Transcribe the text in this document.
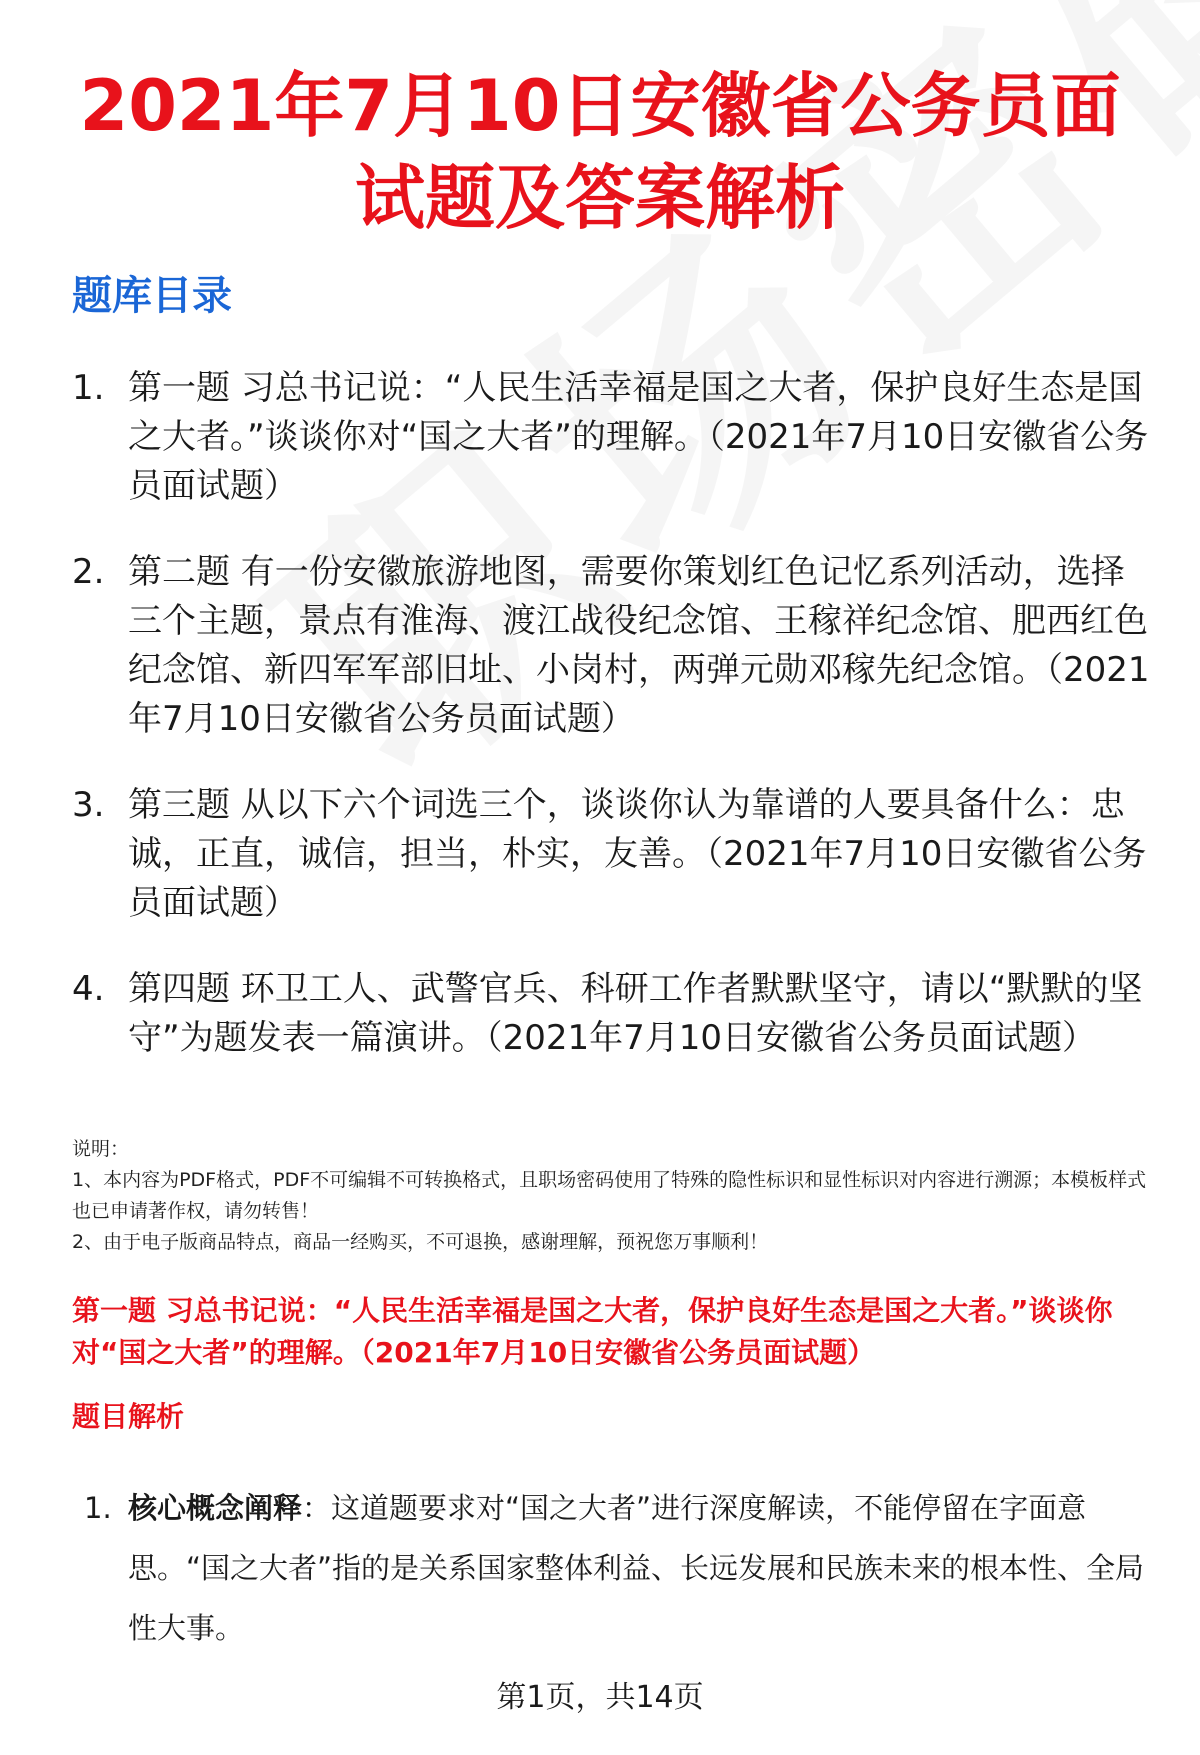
2021年7月10日安徽省公务员面试题及答案解析
题库目录
1. 第一题 习总书记说：“人民生活幸福是国之大者，保护良好生态是国之大者。”谈谈你对“国之大者”的理解。（2021年7月10日安徽省公务员面试题）
2. 第二题 有一份安徽旅游地图，需要你策划红色记忆系列活动，选择三个主题，景点有淮海、渡江战役纪念馆、王稼祥纪念馆、肥西红色纪念馆、新四军军部旧址、小岗村，两弹元勋邓稼先纪念馆。（2021年7月10日安徽省公务员面试题）
3. 第三题 从以下六个词选三个，谈谈你认为靠谱的人要具备什么：忠诚，正直，诚信，担当，朴实，友善。（2021年7月10日安徽省公务员面试题）
4. 第四题 环卫工人、武警官兵、科研工作者默默坚守，请以“默默的坚守”为题发表一篇演讲。（2021年7月10日安徽省公务员面试题）
说明：
1、本内容为PDF格式，PDF不可编辑不可转换格式，且职场密码使用了特殊的隐性标识和显性标识对内容进行溯源；本模板样式也已申请著作权，请勿转售！
2、由于电子版商品特点，商品一经购买，不可退换，感谢理解，预祝您万事顺利！
第一题 习总书记说：“人民生活幸福是国之大者，保护良好生态是国之大者。”谈谈你对“国之大者”的理解。（2021年7月10日安徽省公务员面试题）
题目解析
1. 核心概念阐释：这道题要求对“国之大者”进行深度解读，不能停留在字面意思。“国之大者”指的是关系国家整体利益、长远发展和民族未来的根本性、全局性大事。
第1页，共14页
